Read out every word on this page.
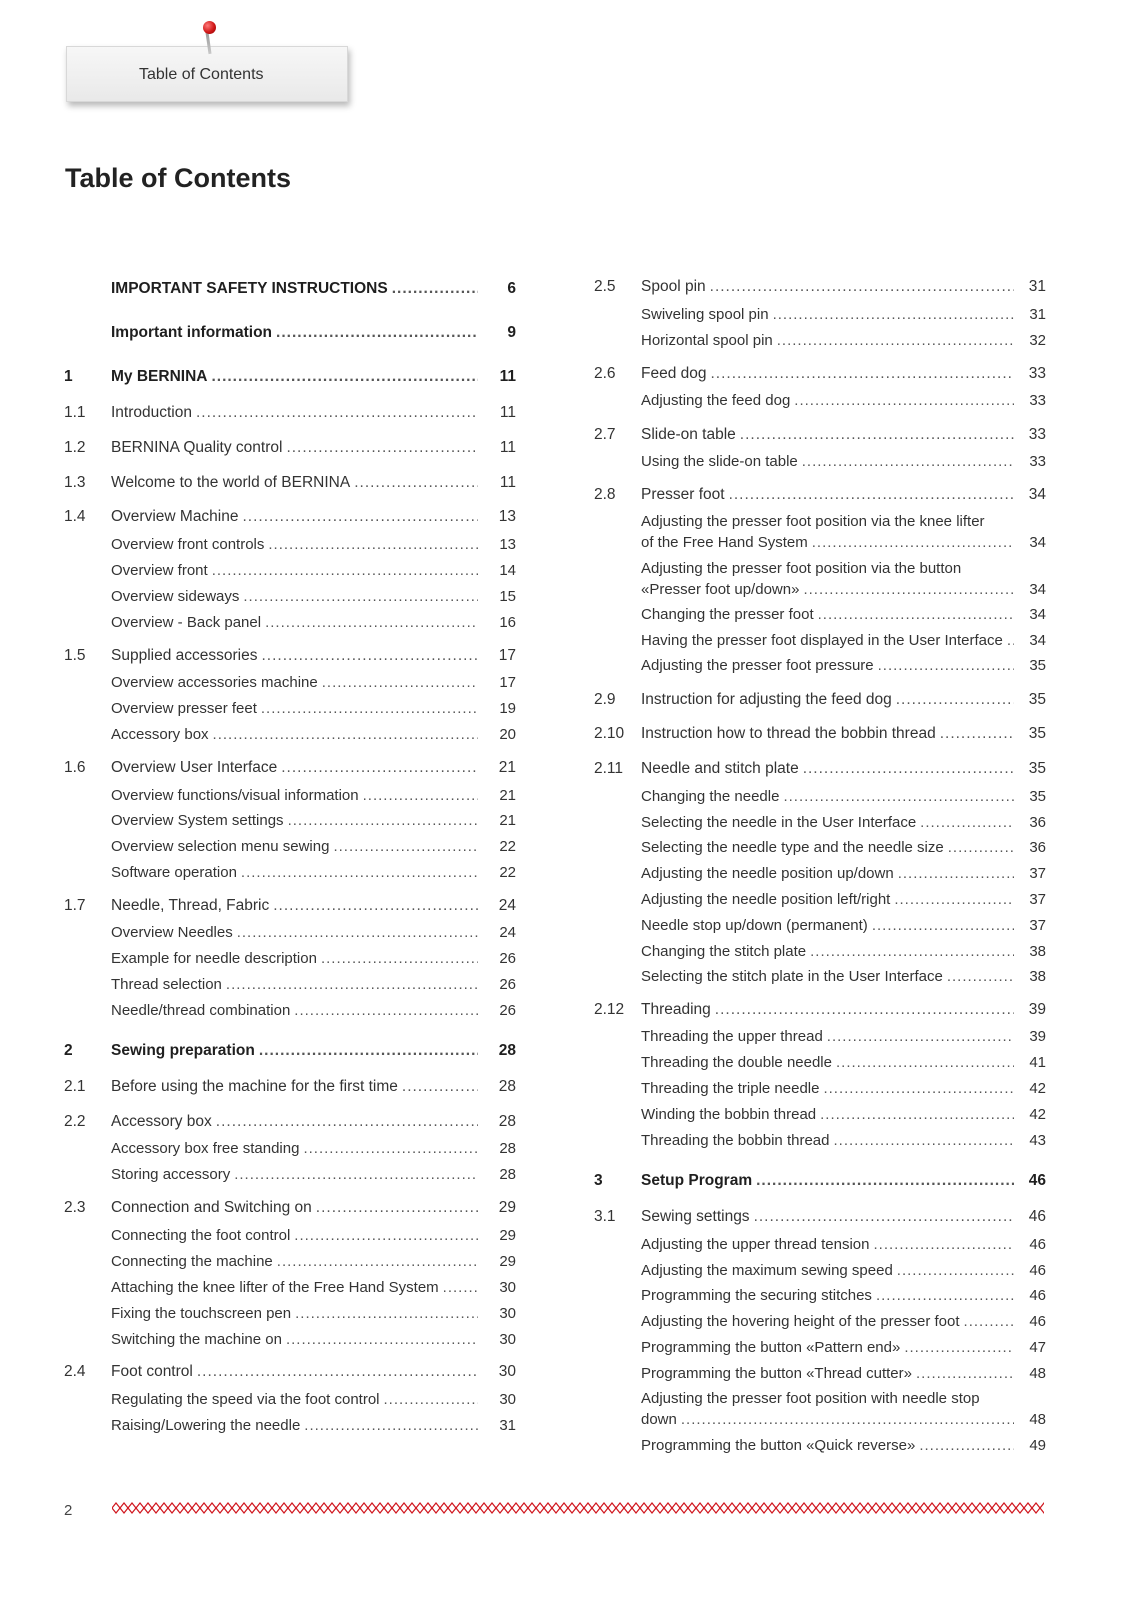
Table of Contents
Table of Contents
IMPORTANT SAFETY INSTRUCTIONS .....	6
Important information .....	9
1 My BERNINA .....	11
1.1 Introduction .....	11
1.2 BERNINA Quality control .....	11
1.3 Welcome to the world of BERNINA .....	11
1.4 Overview Machine .....	13
Overview front controls .....	13
Overview front .....	14
Overview sideways .....	15
Overview - Back panel .....	16
1.5 Supplied accessories .....	17
Overview accessories machine .....	17
Overview presser feet .....	19
Accessory box .....	20
1.6 Overview User Interface .....	21
Overview functions/visual information .....	21
Overview System settings .....	21
Overview selection menu sewing .....	22
Software operation .....	22
1.7 Needle, Thread, Fabric .....	24
Overview Needles .....	24
Example for needle description .....	26
Thread selection .....	26
Needle/thread combination .....	26
2 Sewing preparation .....	28
2.1 Before using the machine for the first time .....	28
2.2 Accessory box .....	28
Accessory box free standing .....	28
Storing accessory .....	28
2.3 Connection and Switching on .....	29
Connecting the foot control .....	29
Connecting the machine .....	29
Attaching the knee lifter of the Free Hand System .....	30
Fixing the touchscreen pen .....	30
Switching the machine on .....	30
2.4 Foot control .....	30
Regulating the speed via the foot control .....	30
Raising/Lowering the needle .....	31
2.5 Spool pin .....	31
Swiveling spool pin .....	31
Horizontal spool pin .....	32
2.6 Feed dog .....	33
Adjusting the feed dog .....	33
2.7 Slide-on table .....	33
Using the slide-on table .....	33
2.8 Presser foot .....	34
Adjusting the presser foot position via the knee lifter
of the Free Hand System .....	34
Adjusting the presser foot position via the button
«Presser foot up/down» .....	34
Changing the presser foot .....	34
Having the presser foot displayed in the User Interface .....	34
Adjusting the presser foot pressure .....	35
2.9 Instruction for adjusting the feed dog .....	35
2.10 Instruction how to thread the bobbin thread .....	35
2.11 Needle and stitch plate .....	35
Changing the needle .....	35
Selecting the needle in the User Interface .....	36
Selecting the needle type and the needle size .....	36
Adjusting the needle position up/down .....	37
Adjusting the needle position left/right .....	37
Needle stop up/down (permanent) .....	37
Changing the stitch plate .....	38
Selecting the stitch plate in the User Interface .....	38
2.12 Threading .....	39
Threading the upper thread .....	39
Threading the double needle .....	41
Threading the triple needle .....	42
Winding the bobbin thread .....	42
Threading the bobbin thread .....	43
3 Setup Program .....	46
3.1 Sewing settings .....	46
Adjusting the upper thread tension .....	46
Adjusting the maximum sewing speed .....	46
Programming the securing stitches .....	46
Adjusting the hovering height of the presser foot .....	46
Programming the button «Pattern end» .....	47
Programming the button «Thread cutter» .....	48
Adjusting the presser foot position with needle stop
down .....	48
Programming the button «Quick reverse» .....	49
2
